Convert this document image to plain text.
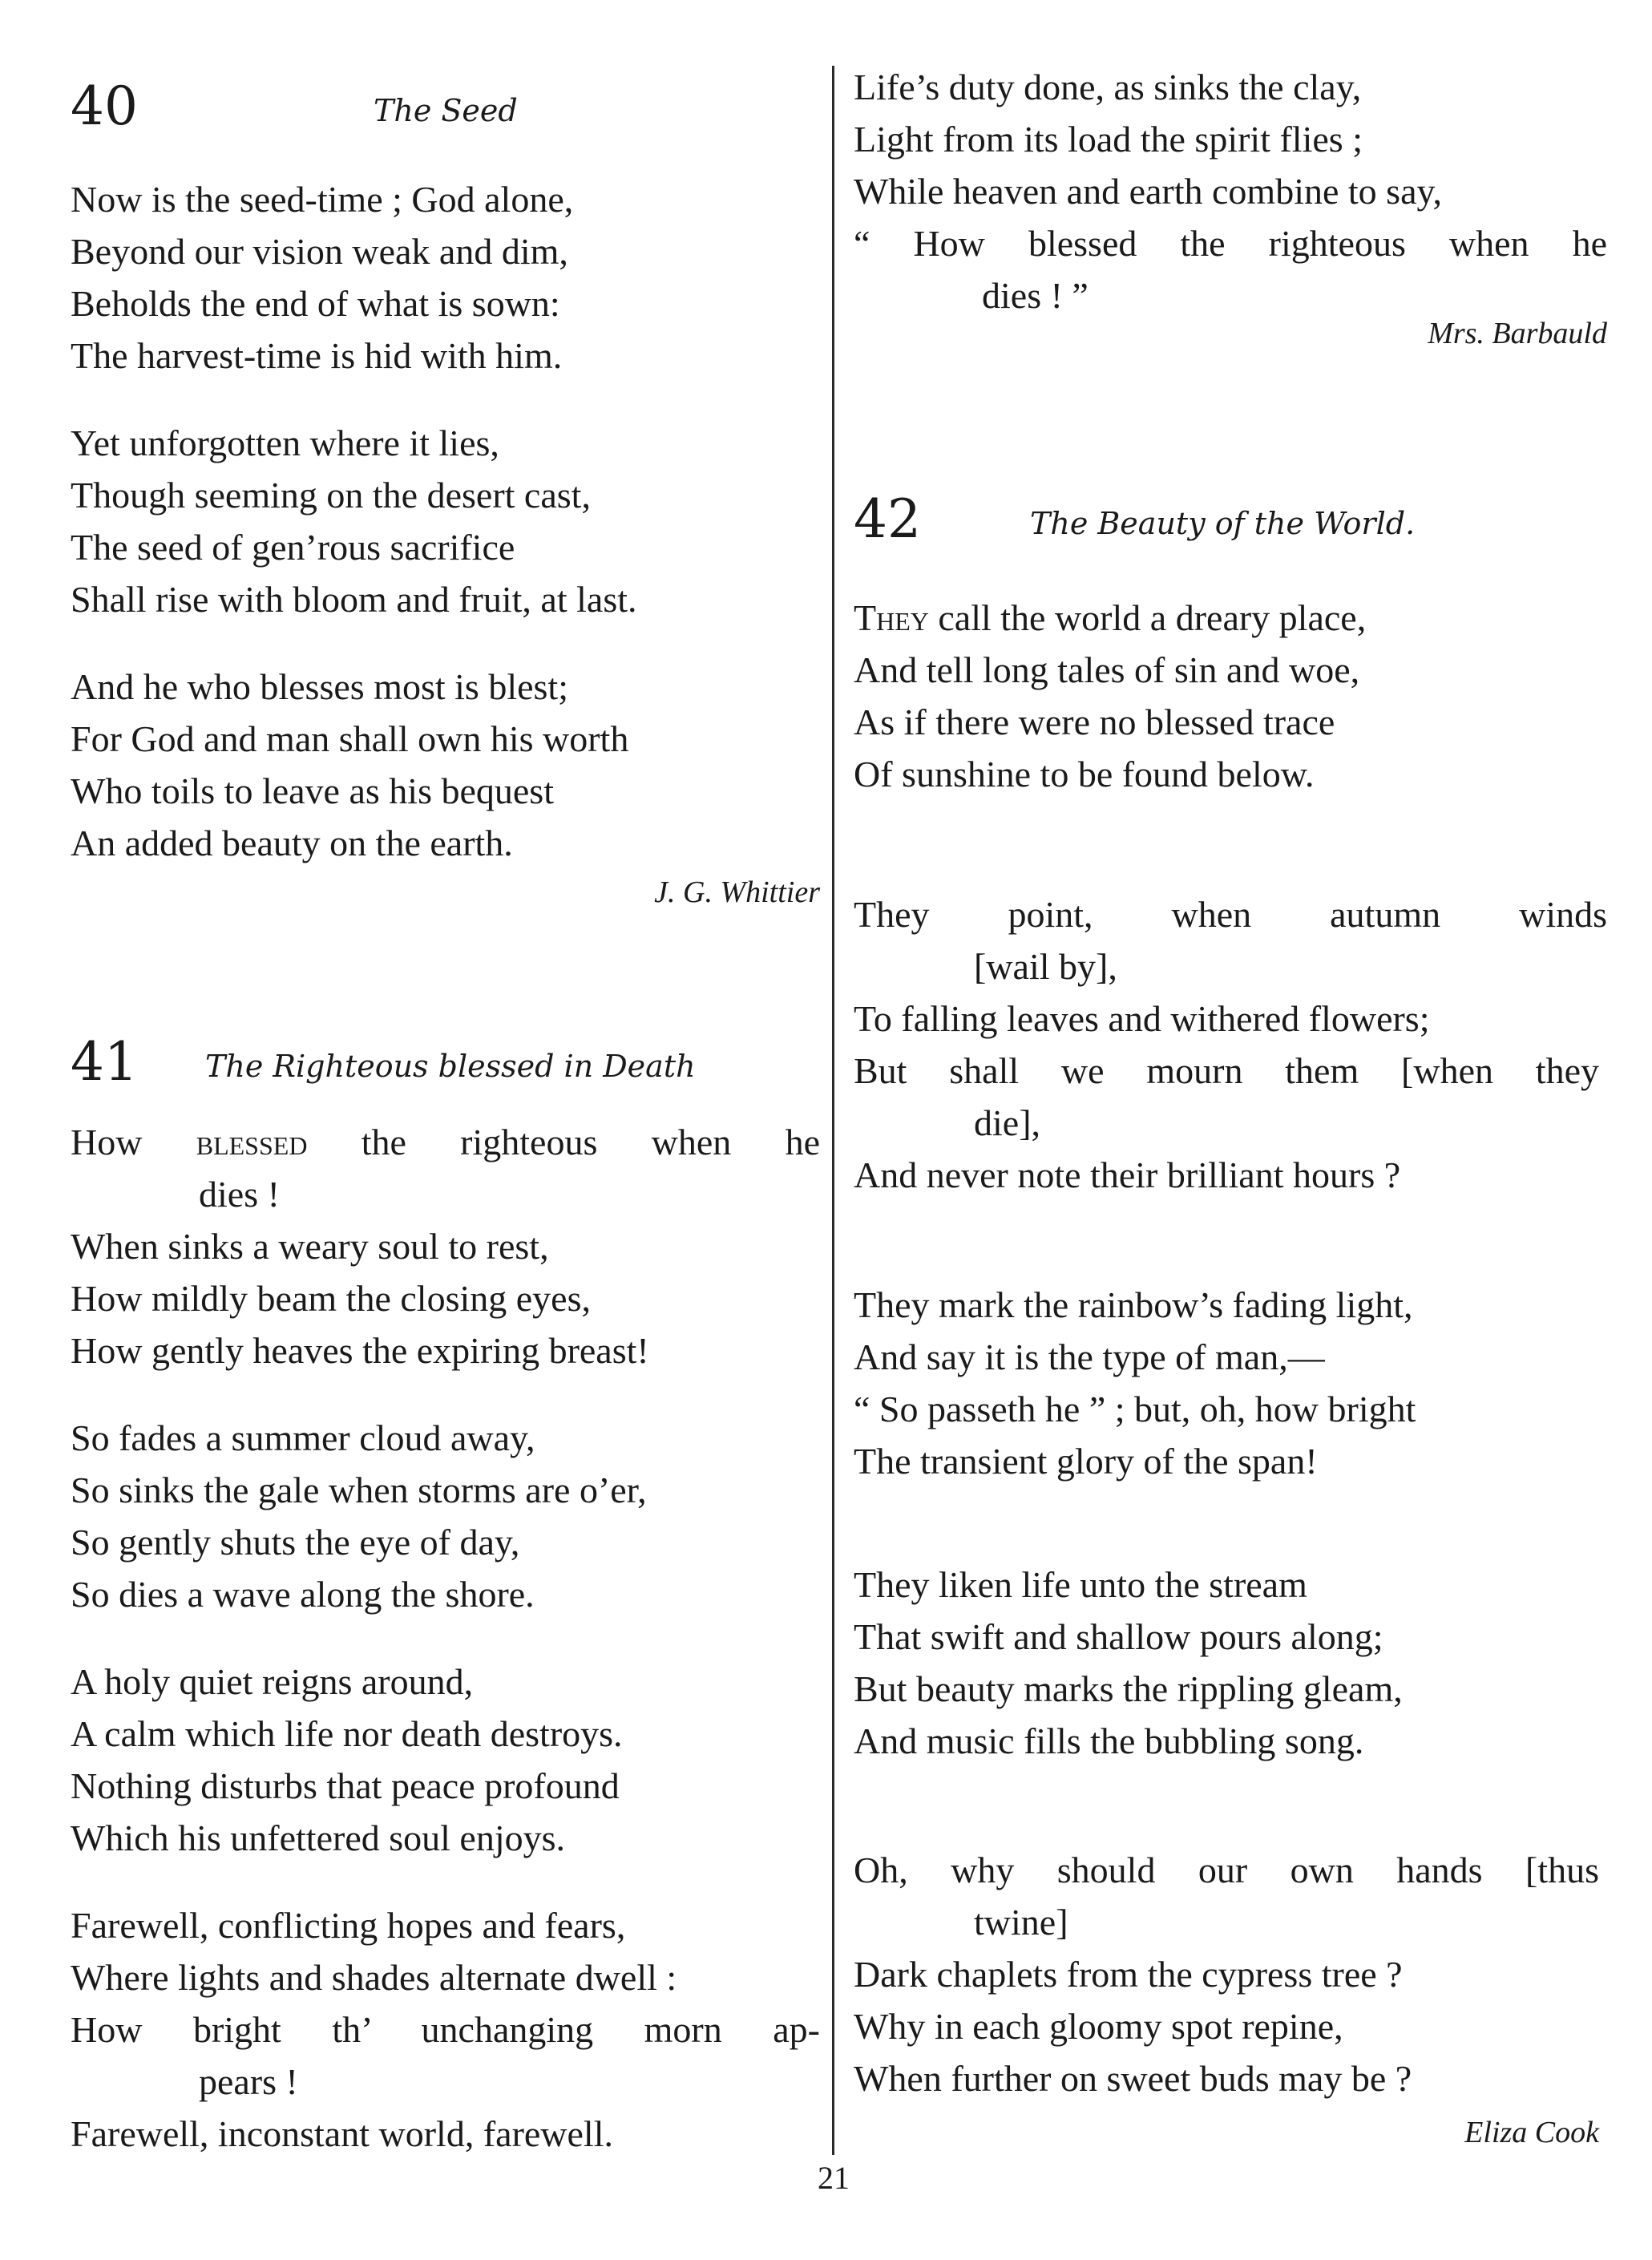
40	The Seed
Now is the seed-time ; God alone,
Beyond our vision weak and dim,
Beholds the end of what is sown:
The harvest-time is hid with him.
Yet unforgotten where it lies,
Though seeming on the desert cast,
The seed of gen’rous sacrifice
Shall rise with bloom and fruit, at last.
And he who blesses most is blest;
For God and man shall own his worth
Who toils to leave as his bequest
An added beauty on the earth.
J. G. Whittier
41 The Righteous blessed in Death
How blessed the righteous when he
dies !
When sinks a weary soul to rest,
How mildly beam the closing eyes,
How gently heaves the expiring breast!
So fades a summer cloud away,
So sinks the gale when storms are o’er,
So gently shuts the eye of day,
So dies a wave along the shore.
A holy quiet reigns around,
A calm which life nor death destroys.
Nothing disturbs that peace profound
Which his unfettered soul enjoys.
Farewell, conflicting hopes and fears,
Where lights and shades alternate dwell :
How bright th’ unchanging morn ap-
pears !
Farewell, inconstant world, farewell.
Life’s duty done, as sinks the clay,
Light from its load the spirit flies ;
While heaven and earth combine to say,
“ How blessed the righteous when he
dies ! ”
Mrs. Barbauld
42	The Beauty of the World.
They call the world a dreary place,
And tell long tales of sin and woe,
As if there were no blessed trace
Of sunshine to be found below.
They point, when autumn winds
[wail by],
To falling leaves and withered flowers;
But shall we mourn them [when they
die],
And never note their brilliant hours ?
They mark the rainbow’s fading light,
And say it is the type of man,—
“ So passeth he ” ; but, oh, how bright
The transient glory of the span!
They liken life unto the stream
That swift and shallow pours along;
But beauty marks the rippling gleam,
And music fills the bubbling song.
Oh, why should our own hands [thus
twine]
Dark chaplets from the cypress tree ?
Why in each gloomy spot repine,
When further on sweet buds may be ?
Eliza Cook
21
